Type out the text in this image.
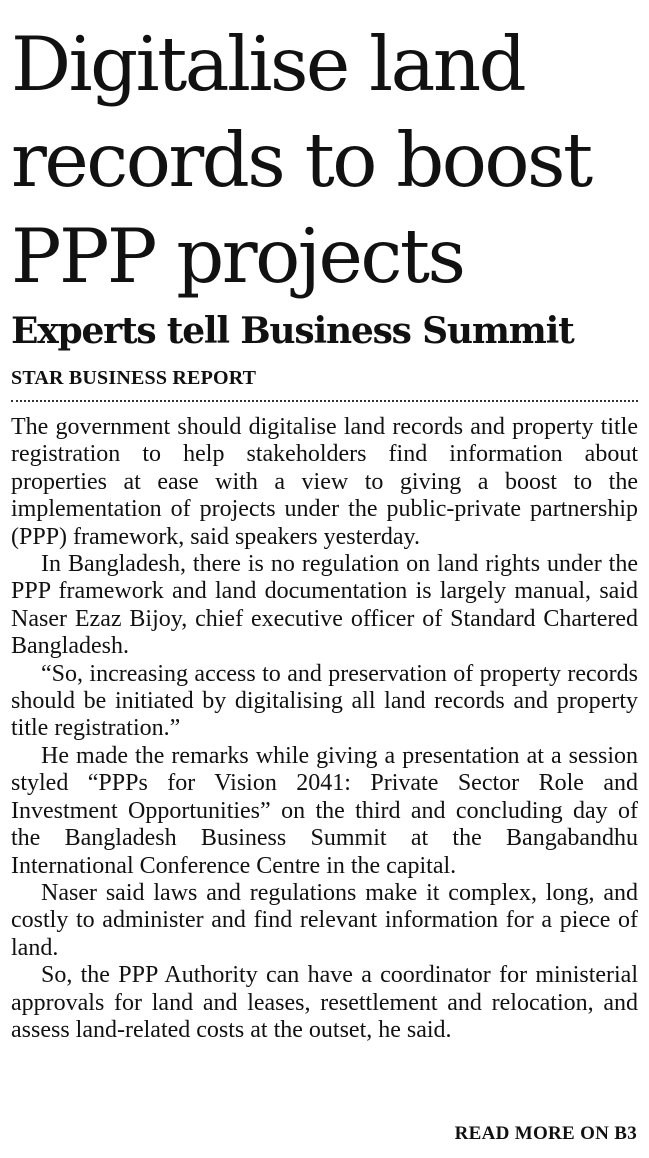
Digitalise land
records to boost
PPP projects
Experts tell Business Summit
STAR BUSINESS REPORT

The government should digitalise land records and property title registration to help stakeholders find information about properties at ease with a view to giving a boost to the implementation of projects under the public-private partnership (PPP) framework, said speakers yesterday.

In Bangladesh, there is no regulation on land rights under the PPP framework and land documentation is largely manual, said Naser Ezaz Bijoy, chief executive officer of Standard Chartered Bangladesh.

“So, increasing access to and preservation of property records should be initiated by digitalising all land records and property title registration.”

He made the remarks while giving a presentation at a session styled “PPPs for Vision 2041: Private Sector Role and Investment Opportunities” on the third and concluding day of the Bangladesh Business Summit at the Bangabandhu International Conference Centre in the capital.

Naser said laws and regulations make it complex, long, and costly to administer and find relevant information for a piece of land.

So, the PPP Authority can have a coordinator for ministerial approvals for land and leases, resettlement and relocation, and assess land-related costs at the outset, he said.

READ MORE ON B3
